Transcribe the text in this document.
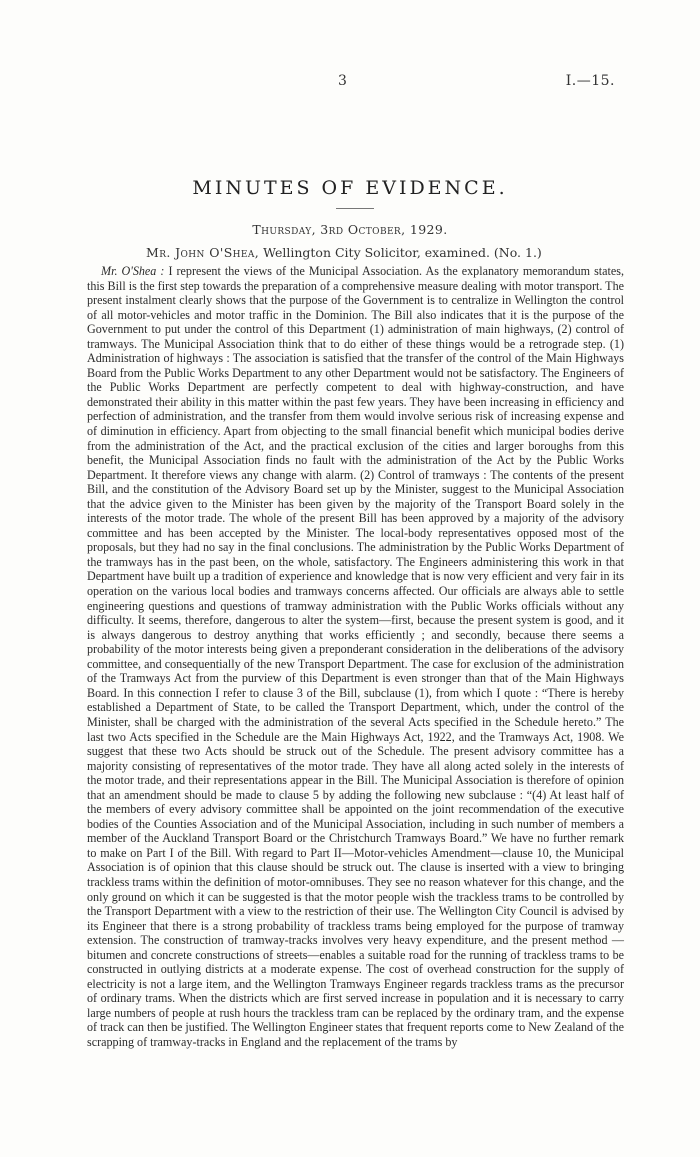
3	I.—15.
MINUTES OF EVIDENCE.
Thursday, 3rd October, 1929.
Mr. John O'Shea, Wellington City Solicitor, examined. (No. 1.)

Mr. O'Shea : I represent the views of the Municipal Association. As the explanatory memorandum states, this Bill is the first step towards the preparation of a comprehensive measure dealing with motor transport. The present instalment clearly shows that the purpose of the Government is to centralize in Wellington the control of all motor-vehicles and motor traffic in the Dominion. The Bill also indicates that it is the purpose of the Government to put under the control of this Department (1) administration of main highways, (2) control of tramways. The Municipal Association think that to do either of these things would be a retrograde step. (1) Administration of highways : The association is satisfied that the transfer of the control of the Main Highways Board from the Public Works Department to any other Department would not be satisfactory. The Engineers of the Public Works Department are perfectly competent to deal with highway-construction, and have demonstrated their ability in this matter within the past few years. They have been increasing in efficiency and perfection of administration, and the transfer from them would involve serious risk of increasing expense and of diminution in efficiency. Apart from objecting to the small financial benefit which municipal bodies derive from the administration of the Act, and the practical exclusion of the cities and larger boroughs from this benefit, the Municipal Association finds no fault with the administration of the Act by the Public Works Department. It therefore views any change with alarm. (2) Control of tramways : The contents of the present Bill, and the constitution of the Advisory Board set up by the Minister, suggest to the Municipal Association that the advice given to the Minister has been given by the majority of the Transport Board solely in the interests of the motor trade. The whole of the present Bill has been approved by a majority of the advisory committee and has been accepted by the Minister. The local-body representatives opposed most of the proposals, but they had no say in the final conclusions. The administration by the Public Works Department of the tramways has in the past been, on the whole, satisfactory. The Engineers administering this work in that Department have built up a tradition of experience and knowledge that is now very efficient and very fair in its operation on the various local bodies and tramways concerns affected. Our officials are always able to settle engineering questions and questions of tramway administration with the Public Works officials without any difficulty. It seems, therefore, dangerous to alter the system—first, because the present system is good, and it is always dangerous to destroy anything that works efficiently ; and secondly, because there seems a probability of the motor interests being given a preponderant consideration in the deliberations of the advisory committee, and consequentially of the new Transport Department. The case for exclusion of the administration of the Tramways Act from the purview of this Department is even stronger than that of the Main Highways Board. In this connection I refer to clause 3 of the Bill, subclause (1), from which I quote : “There is hereby established a Department of State, to be called the Transport Department, which, under the control of the Minister, shall be charged with the administration of the several Acts specified in the Schedule hereto.” The last two Acts specified in the Schedule are the Main Highways Act, 1922, and the Tramways Act, 1908. We suggest that these two Acts should be struck out of the Schedule. The present advisory committee has a majority consisting of representatives of the motor trade. They have all along acted solely in the interests of the motor trade, and their representations appear in the Bill. The Municipal Association is therefore of opinion that an amendment should be made to clause 5 by adding the following new subclause : “(4) At least half of the members of every advisory committee shall be appointed on the joint recommendation of the executive bodies of the Counties Association and of the Municipal Association, including in such number of members a member of the Auckland Transport Board or the Christchurch Tramways Board.” We have no further remark to make on Part I of the Bill. With regard to Part II—Motor-vehicles Amendment—clause 10, the Municipal Association is of opinion that this clause should be struck out. The clause is inserted with a view to bringing trackless trams within the definition of motor-omnibuses. They see no reason whatever for this change, and the only ground on which it can be suggested is that the motor people wish the trackless trams to be controlled by the Transport Department with a view to the restriction of their use. The Wellington City Council is advised by its Engineer that there is a strong probability of trackless trams being employed for the purpose of tramway extension. The construction of tramway-tracks involves very heavy expenditure, and the present method —bitumen and concrete constructions of streets—enables a suitable road for the running of trackless trams to be constructed in outlying districts at a moderate expense. The cost of overhead construction for the supply of electricity is not a large item, and the Wellington Tramways Engineer regards trackless trams as the precursor of ordinary trams. When the districts which are first served increase in population and it is necessary to carry large numbers of people at rush hours the trackless tram can be replaced by the ordinary tram, and the expense of track can then be justified. The Wellington Engineer states that frequent reports come to New Zealand of the scrapping of tramway-tracks in England and the replacement of the trams by
